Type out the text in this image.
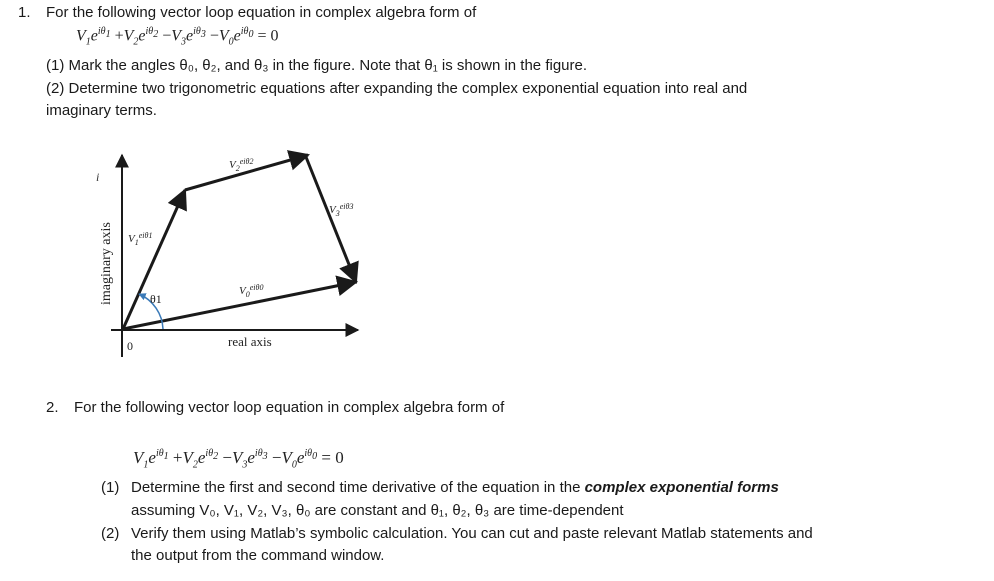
1. For the following vector loop equation in complex algebra form of
$V_1e^{i\theta_1} +V_2e^{i\theta_2} -V_3e^{i\theta_3} -V_0e^{i\theta_0} = 0$
(1) Mark the angles θ₀, θ₂, and θ₃ in the figure. Note that θ₁ is shown in the figure.
(2) Determine two trigonometric equations after expanding the complex exponential equation into real and
imaginary terms.
i
imaginary axis
0	real axis
θ1
$V_1^{ei\theta 1}$
$V_2^{ei\theta 2}$
$V_3^{ei\theta 3}$
$V_0^{ei\theta 0}$
2. For the following vector loop equation in complex algebra form of
$V_1e^{i\theta_1} +V_2e^{i\theta_2} -V_3e^{i\theta_3} -V_0e^{i\theta_0} = 0$
(1) Determine the first and second time derivative of the equation in the complex exponential forms
assuming V₀, V₁, V₂, V₃, θ₀ are constant and θ₁, θ₂, θ₃ are time-dependent
(2) Verify them using Matlab’s symbolic calculation. You can cut and paste relevant Matlab statements and
the output from the command window.
